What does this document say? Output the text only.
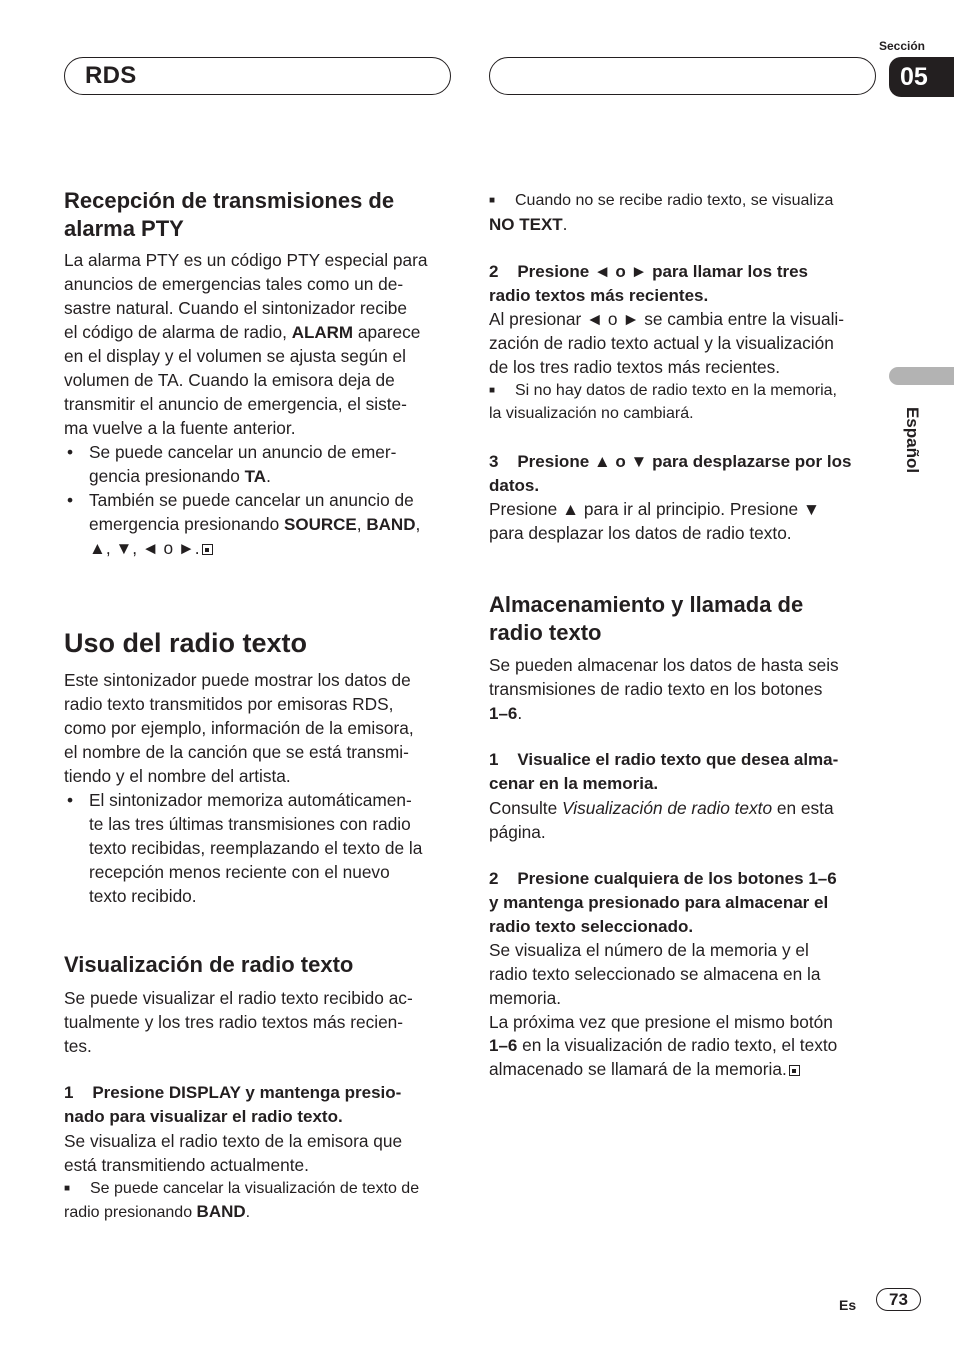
RDS
Sección
05
Español
Recepción de transmisiones de
alarma PTY
La alarma PTY es un código PTY especial para
anuncios de emergencias tales como un de-
sastre natural. Cuando el sintonizador recibe
el código de alarma de radio, ALARM aparece
en el display y el volumen se ajusta según el
volumen de TA. Cuando la emisora deja de
transmitir el anuncio de emergencia, el siste-
ma vuelve a la fuente anterior.
• Se puede cancelar un anuncio de emer-
gencia presionando TA.
• También se puede cancelar un anuncio de
emergencia presionando SOURCE, BAND,
▲, ▼, ◄ o ►.
Uso del radio texto
Este sintonizador puede mostrar los datos de
radio texto transmitidos por emisoras RDS,
como por ejemplo, información de la emisora,
el nombre de la canción que se está transmi-
tiendo y el nombre del artista.
• El sintonizador memoriza automáticamen-
te las tres últimas transmisiones con radio
texto recibidas, reemplazando el texto de la
recepción menos reciente con el nuevo
texto recibido.
Visualización de radio texto
Se puede visualizar el radio texto recibido ac-
tualmente y los tres radio textos más recien-
tes.
1    Presione DISPLAY y mantenga presio-
nado para visualizar el radio texto.
Se visualiza el radio texto de la emisora que
está transmitiendo actualmente.
■ Se puede cancelar la visualización de texto de
radio presionando BAND.
■ Cuando no se recibe radio texto, se visualiza
NO TEXT.
2    Presione ◄ o ► para llamar los tres
radio textos más recientes.
Al presionar ◄ o ► se cambia entre la visuali-
zación de radio texto actual y la visualización
de los tres radio textos más recientes.
■ Si no hay datos de radio texto en la memoria,
la visualización no cambiará.
3    Presione ▲ o ▼ para desplazarse por los
datos.
Presione ▲ para ir al principio. Presione ▼
para desplazar los datos de radio texto.
Almacenamiento y llamada de
radio texto
Se pueden almacenar los datos de hasta seis
transmisiones de radio texto en los botones
1–6.
1    Visualice el radio texto que desea alma-
cenar en la memoria.
Consulte Visualización de radio texto en esta
página.
2    Presione cualquiera de los botones 1–6
y mantenga presionado para almacenar el
radio texto seleccionado.
Se visualiza el número de la memoria y el
radio texto seleccionado se almacena en la
memoria.
La próxima vez que presione el mismo botón
1–6 en la visualización de radio texto, el texto
almacenado se llamará de la memoria.
Es	73
